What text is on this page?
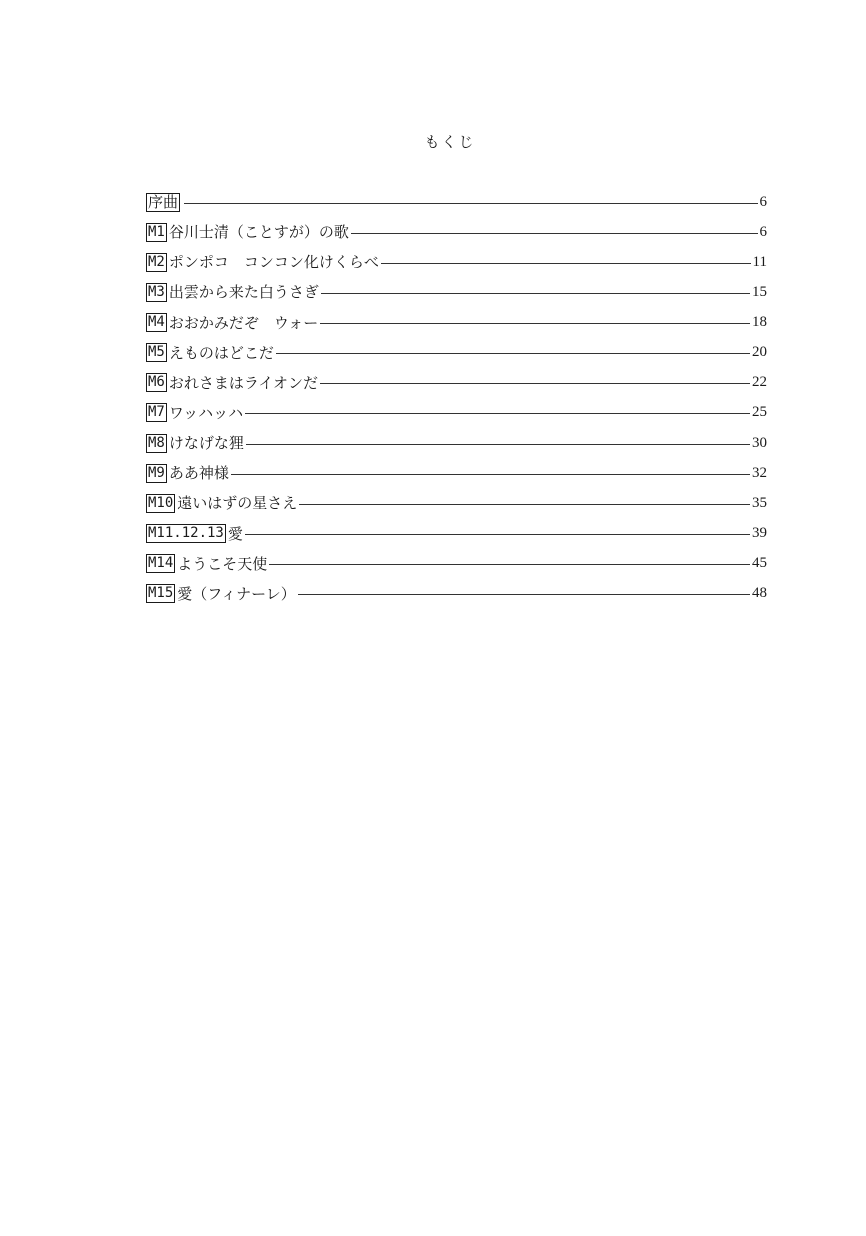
もくじ
序曲	6
M1 谷川士清（ことすが）の歌	6
M2 ポンポコ　コンコン化けくらべ	11
M3 出雲から来た白うさぎ	15
M4 おおかみだぞ　ウォー	18
M5 えものはどこだ	20
M6 おれさまはライオンだ	22
M7 ワッハッハ	25
M8 けなげな狸	30
M9 ああ神様	32
M10 遠いはずの星さえ	35
M11.12.13 愛	39
M14 ようこそ天使	45
M15 愛（フィナーレ）	48
